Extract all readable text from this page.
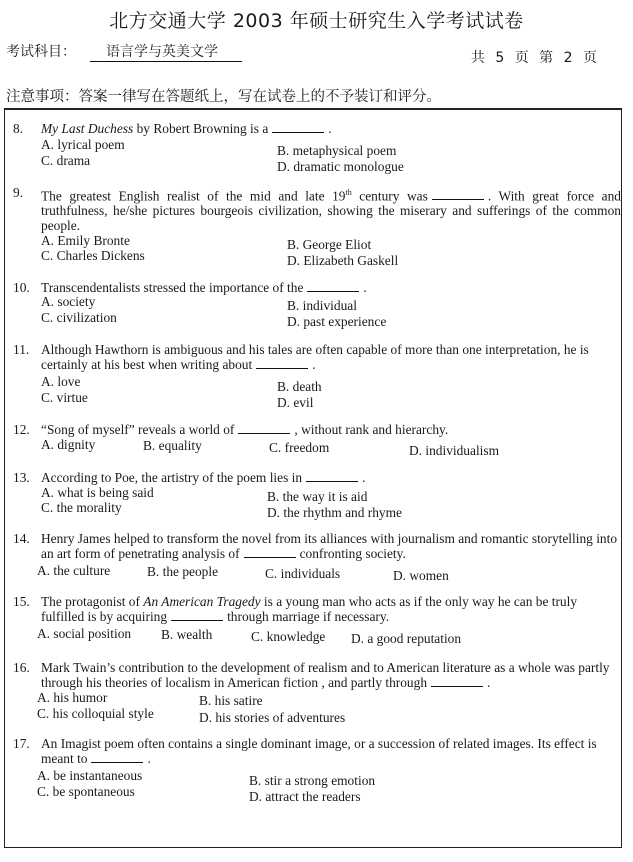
北方交通大学 2003 年硕士研究生入学考试试卷
考试科目： 语言学与英美文学	共 5 页 第 2 页
注意事项：答案一律写在答题纸上，写在试卷上的不予装订和评分。
8. My Last Duchess by Robert Browning is a	.
A. lyrical poem	B. metaphysical poem
C. drama	D. dramatic monologue
9. The greatest English realist of the mid and late 19th century was	. With great force and truthfulness, he/she pictures bourgeois civilization, showing the miserary and sufferings of the common people.
A. Emily Bronte	B. George Eliot
C. Charles Dickens	D. Elizabeth Gaskell
10. Transcendentalists stressed the importance of the	.
A. society	B. individual
C. civilization	D. past experience
11. Although Hawthorn is ambiguous and his tales are often capable of more than one interpretation, he is certainly at his best when writing about	.
A. love	B. death
C. virtue	D. evil
12. “Song of myself” reveals a world of	, without rank and hierarchy.
A. dignity	B. equality	C. freedom	D. individualism
13. According to Poe, the artistry of the poem lies in	.
A. what is being said	B. the way it is aid
C. the morality	D. the rhythm and rhyme
14. Henry James helped to transform the novel from its alliances with journalism and romantic storytelling into an art form of penetrating analysis of	confronting society.
A. the culture	B. the people	C. individuals	D. women
15. The protagonist of An American Tragedy is a young man who acts as if the only way he can be truly fulfilled is by acquiring	through marriage if necessary.
A. social position B. wealth	C. knowledge D. a good reputation
16. Mark Twain’s contribution to the development of realism and to American literature as a whole was partly through his theories of localism in American fiction , and partly through	.
A. his humor	B. his satire
C. his colloquial style	D. his stories of adventures
17. An Imagist poem often contains a single dominant image, or a succession of related images. Its effect is meant to	.
A. be instantaneous	B. stir a strong emotion
C. be spontaneous	D. attract the readers
